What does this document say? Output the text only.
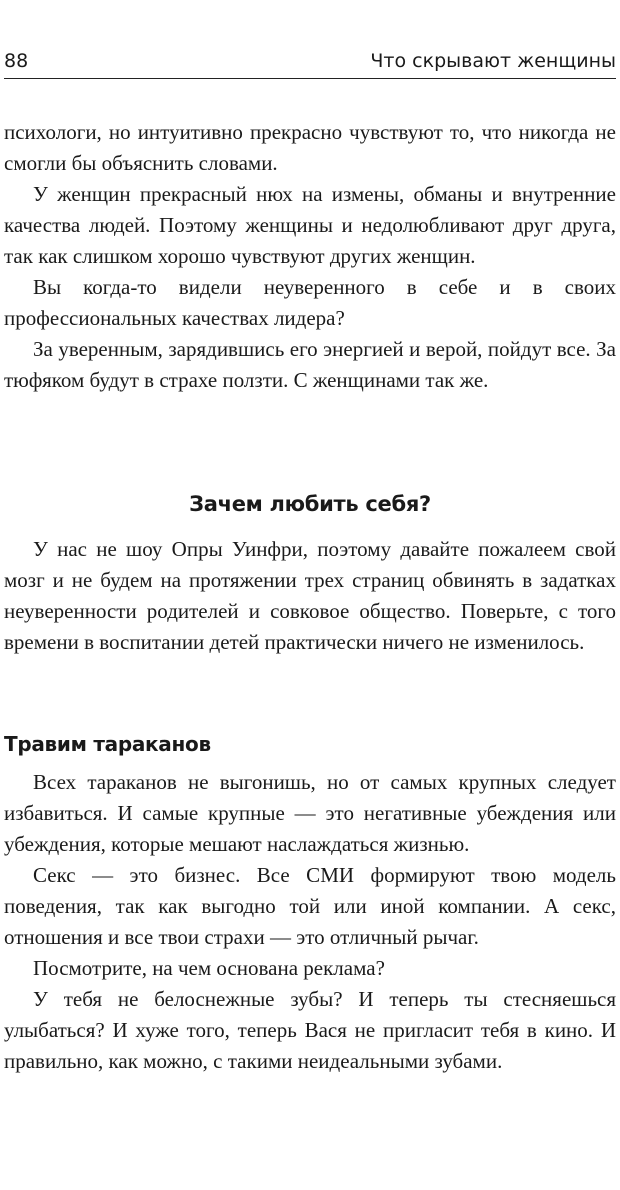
88	Что скрывают женщины

психологи, но интуитивно прекрасно чувствуют то, что никогда не смогли бы объяснить словами.

У женщин прекрасный нюх на измены, обманы и внутренние качества людей. Поэтому женщины и недолюбливают друг друга, так как слишком хорошо чувствуют других женщин.

Вы когда-то видели неуверенного в себе и в своих профессиональных качествах лидера?

За уверенным, зарядившись его энергией и верой, пойдут все. За тюфяком будут в страхе ползти. С женщинами так же.

Зачем любить себя?

У нас не шоу Опры Уинфри, поэтому давайте пожалеем свой мозг и не будем на протяжении трех страниц обвинять в задатках неуверенности родителей и совковое общество. Поверьте, с того времени в воспитании детей практически ничего не изменилось.

Травим тараканов

Всех тараканов не выгонишь, но от самых крупных следует избавиться. И самые крупные — это негативные убеждения или убеждения, которые мешают наслаждаться жизнью.

Секс — это бизнес. Все СМИ формируют твою модель поведения, так как выгодно той или иной компании. А секс, отношения и все твои страхи — это отличный рычаг.

Посмотрите, на чем основана реклама?

У тебя не белоснежные зубы? И теперь ты стесняешься улыбаться? И хуже того, теперь Вася не пригласит тебя в кино. И правильно, как можно, с такими неидеальными зубами.
